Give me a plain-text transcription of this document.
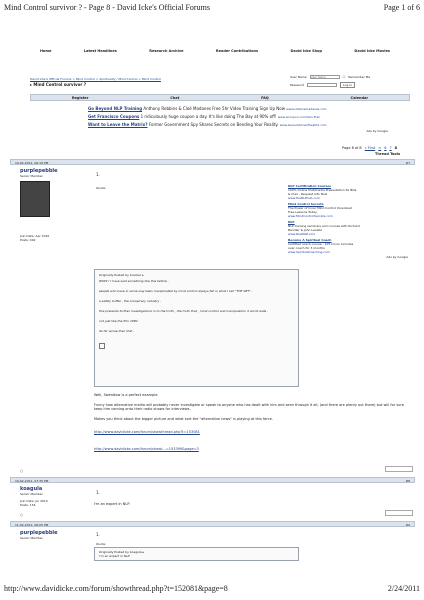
Mind Control survivor ? - Page 8 - David Icke's Official Forums	Page 1 of 6
Home	Latest Headlines	Research Archive	Reader Contributions	David Icke Shop	David Icke Movies
David Icke's Official Forums > Mind Control > Spirituality / Mind Control > Mind Control
▸ Mind Control survivor ?
User Name
User Name	☐ Remember Me
Password	Log in
Register	Chat	FAQ	Calendar
Go Beyond NLP Training Anthony Robbins & Cloé Madanes Free 5hr Video Training Sign Up Now www.robbinsmadanes.com
Get Francisco Coupons 1 ridiculously huge coupon a day. It's like doing The Bay at 90% off! www.Groupon.com/San-Fran
Want to Leave the Matrix? Former Government Spy Shares Secrets on Bending Your Reality. www.Generationsofhelpful.com
Ads by Google
Page 8 of 8 « First < 6 7 8
Thread Tools
10-02-2011, 06:19 PM	#7
purplepebble
Senior Member
Join Date: Apr 2010
Posts: 492
1.
Quote:	NLP Certification Courses
100% Online Multimedia Presentation 6x Bills
& Quiz - Request Info Now
www.theNLPhub.com
Mind Control Secrets
The Power of Inner Mind Control Download
Free Lessons Today
www.MindControlSecrets.com
NLP
NLP training seminars and courses with Richard
Bandler & John Lavalle
www.RealNLP.com
Become A Spiritual Coach
Certified coach course - 105 hours Includes
over coach for 3 months
www.SpiritualCoaching.com
Ads by Google
Originally Posted by bracker ▸
WOW ! I have said something like this before .
people who have in some way been manipulated by mind control always fall in what I call "THE NET" .
a safety buffer , the conspiracy industry .
this prevents further investigations in to the truth , the truth that , mind control and manipulation it world wide .
not just like the film 1984
its far worse than that .
Well, Swerdlow is a perfect example.
Funny how alternative media will probably never investigate or speak to anyone who has dealt with him and seen through it all, (and there are plenty out there) but will for sure keep him coming onto their radio shows for interviews.
Makes you think about the bigger picture and what sort the "alternative news" is playing at this farce.
http://www.davidicke.com/forum/showthread.php?t=153081
http://www.davidicke.com/forum/showt...=153399&page=3
○
10-02-2011, 07:35 PM	#8
koagula
Senior Member
Join Date: Jul 2010
Posts: 154
1.
I'm an expert in NLP.
○
11-02-2011, 06:05 PM	#9
purplepebble
Senior Member
1.
Quote:
Originally Posted by koagula ▸
I'm an expert in NLP.
http://www.davidicke.com/forum/showthread.php?t=152081&page=8	2/24/2011
